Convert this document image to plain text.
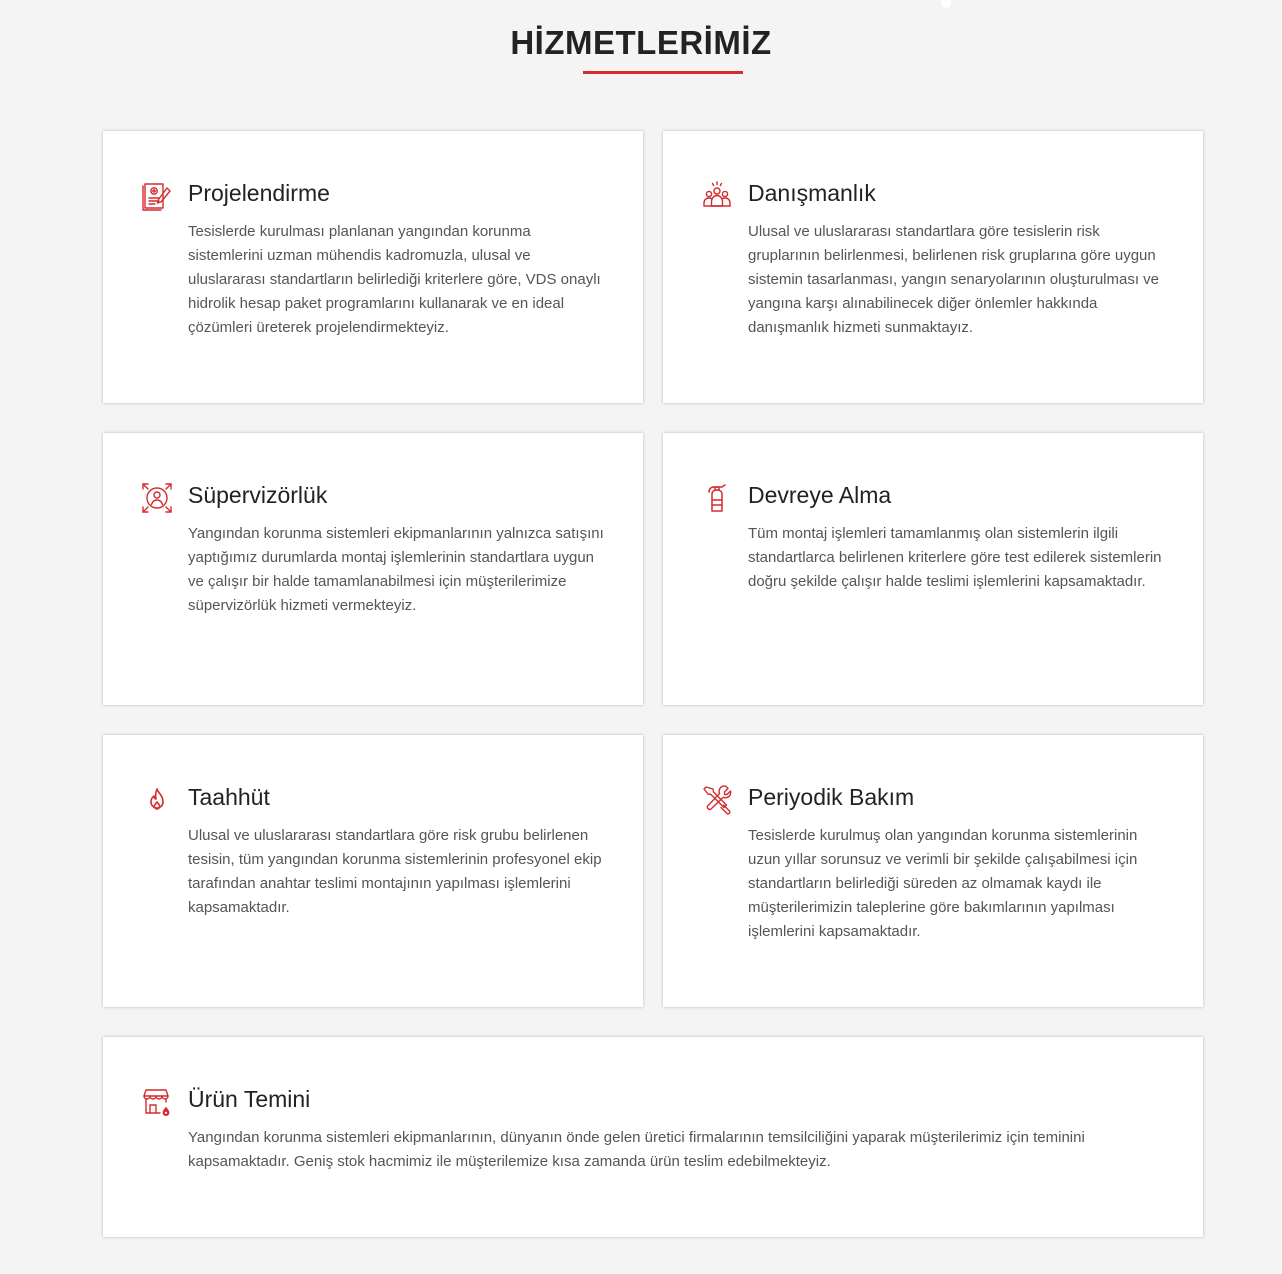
HİZMETLERİMİZ
Projelendirme

Tesislerde kurulması planlanan yangından korunma sistemlerini uzman mühendis kadromuzla, ulusal ve uluslararası standartların belirlediği kriterlere göre, VDS onaylı hidrolik hesap paket programlarını kullanarak ve en ideal çözümleri üreterek projelendirmekteyiz.

Danışmanlık

Ulusal ve uluslararası standartlara göre tesislerin risk gruplarının belirlenmesi, belirlenen risk gruplarına göre uygun sistemin tasarlanması, yangın senaryolarının oluşturulması ve yangına karşı alınabilinecek diğer önlemler hakkında danışmanlık hizmeti sunmaktayız.

Süpervizörlük

Yangından korunma sistemleri ekipmanlarının yalnızca satışını yaptığımız durumlarda montaj işlemlerinin standartlara uygun ve çalışır bir halde tamamlanabilmesi için müşterilerimize süpervizörlük hizmeti vermekteyiz.

Devreye Alma

Tüm montaj işlemleri tamamlanmış olan sistemlerin ilgili standartlarca belirlenen kriterlere göre test edilerek sistemlerin doğru şekilde çalışır halde teslimi işlemlerini kapsamaktadır.

Taahhüt

Ulusal ve uluslararası standartlara göre risk grubu belirlenen tesisin, tüm yangından korunma sistemlerinin profesyonel ekip tarafından anahtar teslimi montajının yapılması işlemlerini kapsamaktadır.

Periyodik Bakım

Tesislerde kurulmuş olan yangından korunma sistemlerinin uzun yıllar sorunsuz ve verimli bir şekilde çalışabilmesi için standartların belirlediği süreden az olmamak kaydı ile müşterilerimizin taleplerine göre bakımlarının yapılması işlemlerini kapsamaktadır.

Ürün Temini

Yangından korunma sistemleri ekipmanlarının, dünyanın önde gelen üretici firmalarının temsilciliğini yaparak müşterilerimiz için teminini kapsamaktadır. Geniş stok hacmimiz ile müşterilemize kısa zamanda ürün teslim edebilmekteyiz.
